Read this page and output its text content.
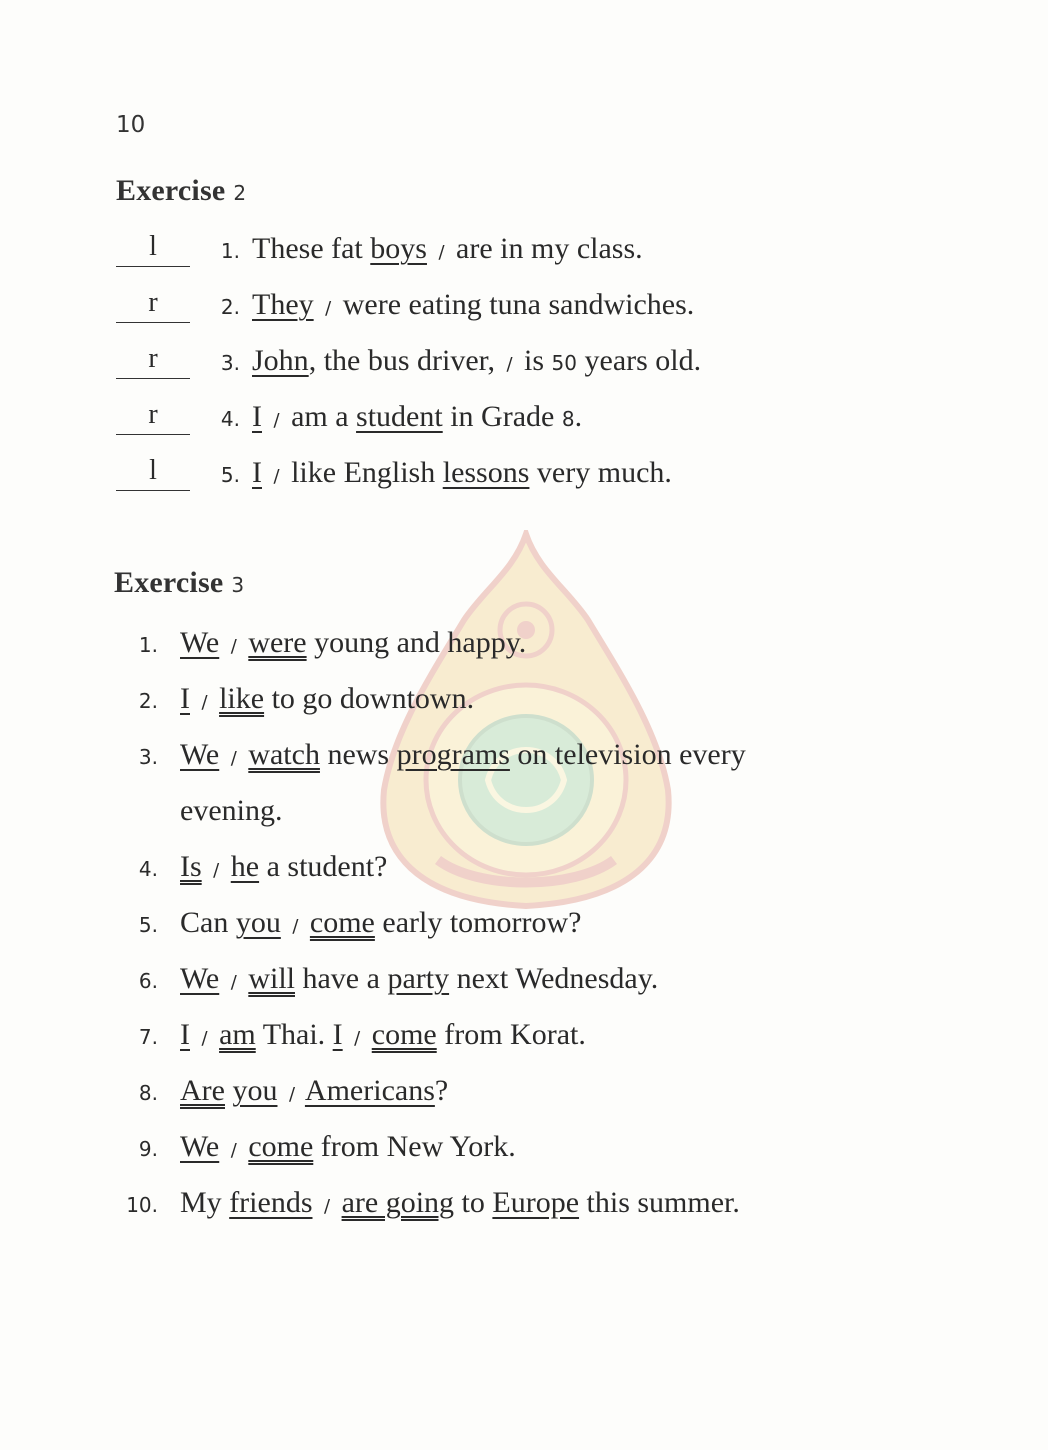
10
Exercise 2
l	1. These fat boys / are in my class.
r	2. They / were eating tuna sandwiches.
r	3. John, the bus driver, / is 50 years old.
r	4. I / am a student in Grade 8.
l	5. I / like English lessons very much.
Exercise 3
1. We / were young and happy.
2. I / like to go downtown.
3. We / watch news programs on television every
evening.
4. Is / he a student?
5. Can you / come early tomorrow?
6. We / will have a party next Wednesday.
7. I / am Thai. I / come from Korat.
8. Are you / Americans?
9. We / come from New York.
10. My friends / are going to Europe this summer.
